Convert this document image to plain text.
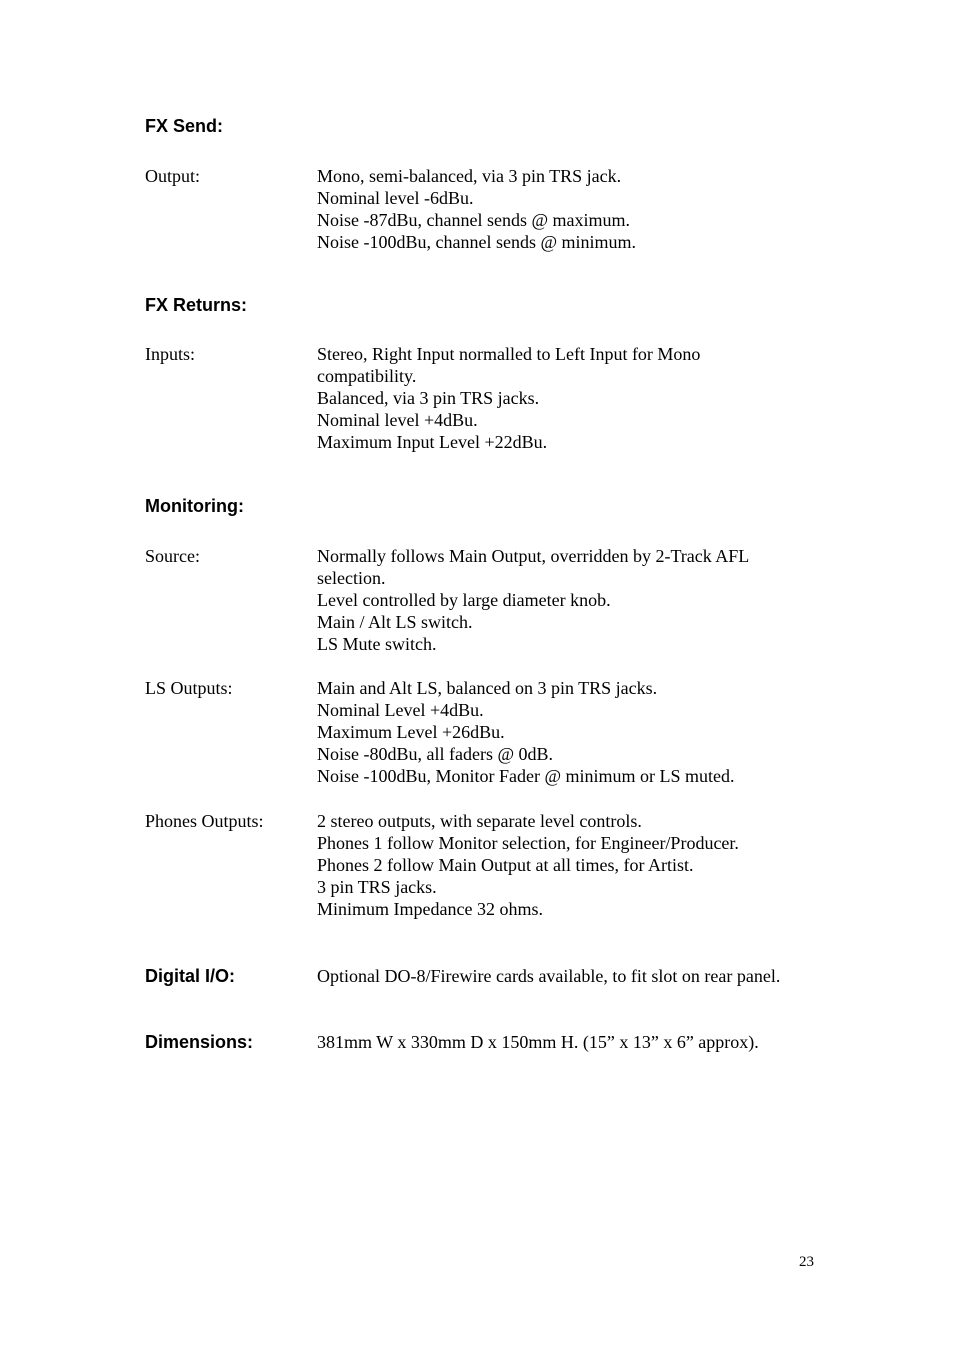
FX Send:
Output:	Mono, semi-balanced, via 3 pin TRS jack.
Nominal level -6dBu.
Noise -87dBu, channel sends @ maximum.
Noise -100dBu, channel sends @ minimum.
FX Returns:
Inputs:	Stereo, Right Input normalled to Left Input for Mono
compatibility.
Balanced, via 3 pin TRS jacks.
Nominal level +4dBu.
Maximum Input Level +22dBu.
Monitoring:
Source:	Normally follows Main Output, overridden by 2-Track AFL
selection.
Level controlled by large diameter knob.
Main / Alt LS switch.
LS Mute switch.
LS Outputs:	Main and Alt LS, balanced on 3 pin TRS jacks.
Nominal Level +4dBu.
Maximum Level +26dBu.
Noise -80dBu, all faders @ 0dB.
Noise -100dBu, Monitor Fader @ minimum or LS muted.
Phones Outputs:	2 stereo outputs, with separate level controls.
Phones 1 follow Monitor selection, for Engineer/Producer.
Phones 2 follow Main Output at all times, for Artist.
3 pin TRS jacks.
Minimum Impedance 32 ohms.
Digital I/O:	Optional DO-8/Firewire cards available, to fit slot on rear panel.
Dimensions:	381mm W x 330mm D x 150mm H. (15” x 13” x 6” approx).
23
